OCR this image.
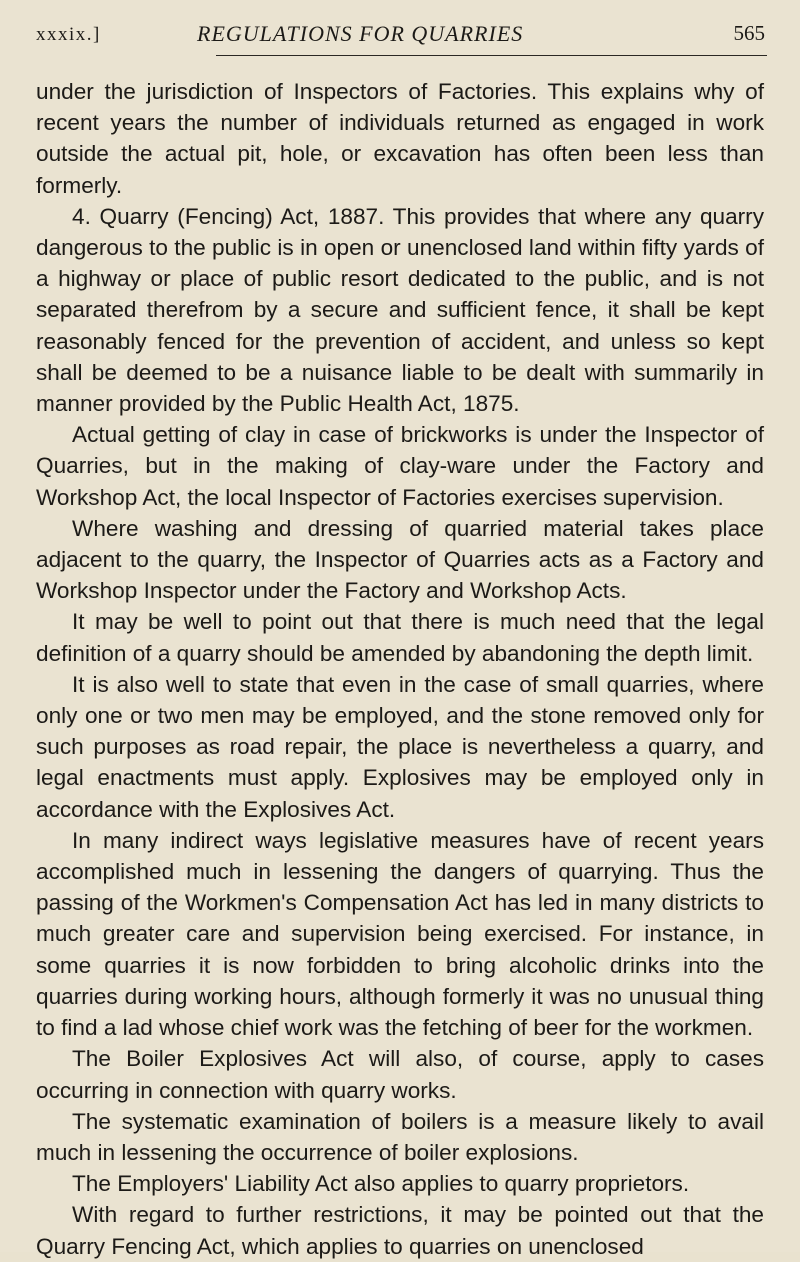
xxxix.]	REGULATIONS FOR QUARRIES	565

under the jurisdiction of Inspectors of Factories. This explains why of recent years the number of individuals returned as engaged in work outside the actual pit, hole, or excavation has often been less than formerly.

4. Quarry (Fencing) Act, 1887. This provides that where any quarry dangerous to the public is in open or unenclosed land within fifty yards of a highway or place of public resort dedicated to the public, and is not separated therefrom by a secure and sufficient fence, it shall be kept reasonably fenced for the prevention of accident, and unless so kept shall be deemed to be a nuisance liable to be dealt with summarily in manner provided by the Public Health Act, 1875.

Actual getting of clay in case of brickworks is under the Inspector of Quarries, but in the making of clay-ware under the Factory and Workshop Act, the local Inspector of Factories exercises supervision.

Where washing and dressing of quarried material takes place adjacent to the quarry, the Inspector of Quarries acts as a Factory and Workshop Inspector under the Factory and Workshop Acts.

It may be well to point out that there is much need that the legal definition of a quarry should be amended by abandoning the depth limit.

It is also well to state that even in the case of small quarries, where only one or two men may be employed, and the stone removed only for such purposes as road repair, the place is nevertheless a quarry, and legal enactments must apply. Explosives may be employed only in accordance with the Explosives Act.

In many indirect ways legislative measures have of recent years accomplished much in lessening the dangers of quarrying. Thus the passing of the Workmen's Compensation Act has led in many districts to much greater care and supervision being exercised. For instance, in some quarries it is now forbidden to bring alcoholic drinks into the quarries during working hours, although formerly it was no unusual thing to find a lad whose chief work was the fetching of beer for the workmen.

The Boiler Explosives Act will also, of course, apply to cases occurring in connection with quarry works.

The systematic examination of boilers is a measure likely to avail much in lessening the occurrence of boiler explosions.

The Employers' Liability Act also applies to quarry proprietors.

With regard to further restrictions, it may be pointed out that the Quarry Fencing Act, which applies to quarries on unenclosed
